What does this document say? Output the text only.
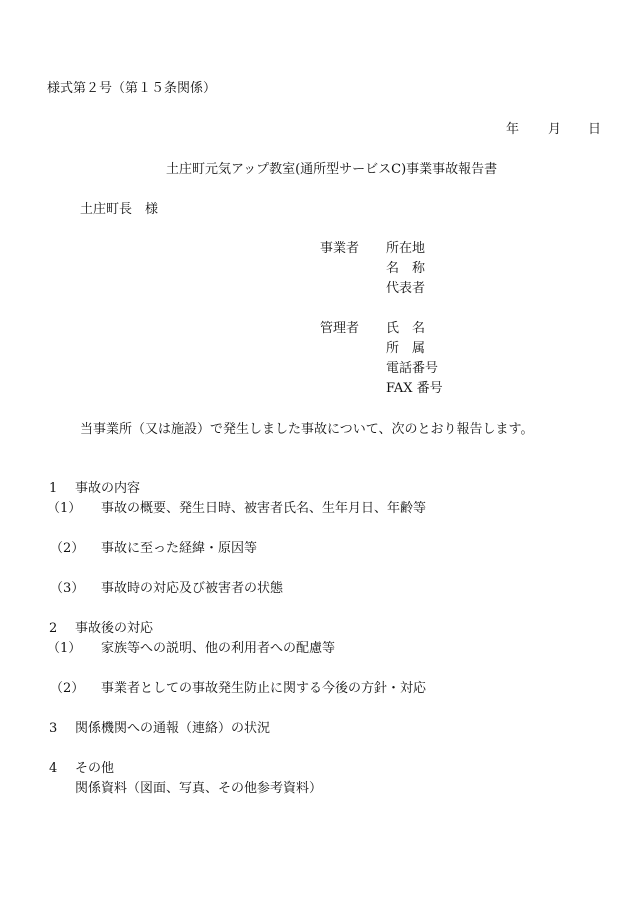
様式第２号（第１５条関係）
年 月 日
土庄町元気アップ教室(通所型サービスC)事業事故報告書
土庄町長　様
事業者 所在地
名　称
代表者
管理者 氏　名
所　属
電話番号
FAX 番号
当事業所（又は施設）で発生しました事故について、次のとおり報告します。
1 事故の内容
（1） 事故の概要、発生日時、被害者氏名、生年月日、年齢等
（2） 事故に至った経緯・原因等
（3） 事故時の対応及び被害者の状態
2 事故後の対応
（1） 家族等への説明、他の利用者への配慮等
（2） 事業者としての事故発生防止に関する今後の方針・対応
3 関係機関への通報（連絡）の状況
4 その他
関係資料（図面、写真、その他参考資料）
